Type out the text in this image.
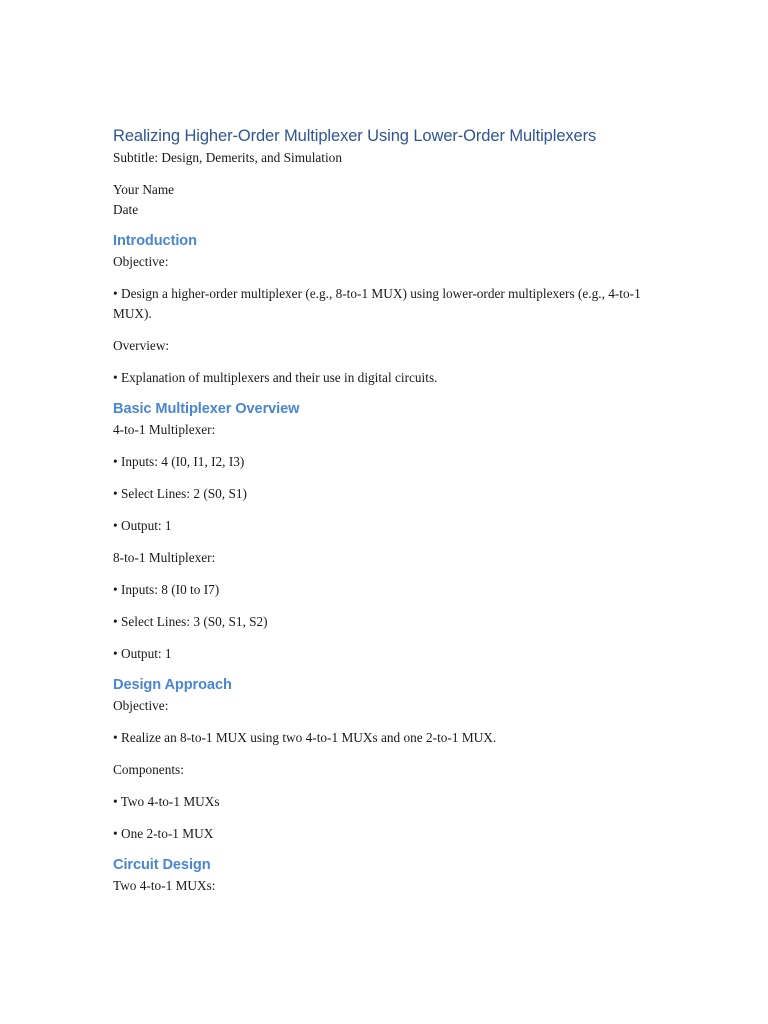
Realizing Higher-Order Multiplexer Using Lower-Order Multiplexers

Subtitle: Design, Demerits, and Simulation

Your Name

Date

Introduction

Objective:

• Design a higher-order multiplexer (e.g., 8-to-1 MUX) using lower-order multiplexers (e.g., 4-to-1 MUX).

Overview:

• Explanation of multiplexers and their use in digital circuits.

Basic Multiplexer Overview

4-to-1 Multiplexer:

• Inputs: 4 (I0, I1, I2, I3)

• Select Lines: 2 (S0, S1)

• Output: 1

8-to-1 Multiplexer:

• Inputs: 8 (I0 to I7)

• Select Lines: 3 (S0, S1, S2)

• Output: 1

Design Approach

Objective:

• Realize an 8-to-1 MUX using two 4-to-1 MUXs and one 2-to-1 MUX.

Components:

• Two 4-to-1 MUXs

• One 2-to-1 MUX

Circuit Design

Two 4-to-1 MUXs:
